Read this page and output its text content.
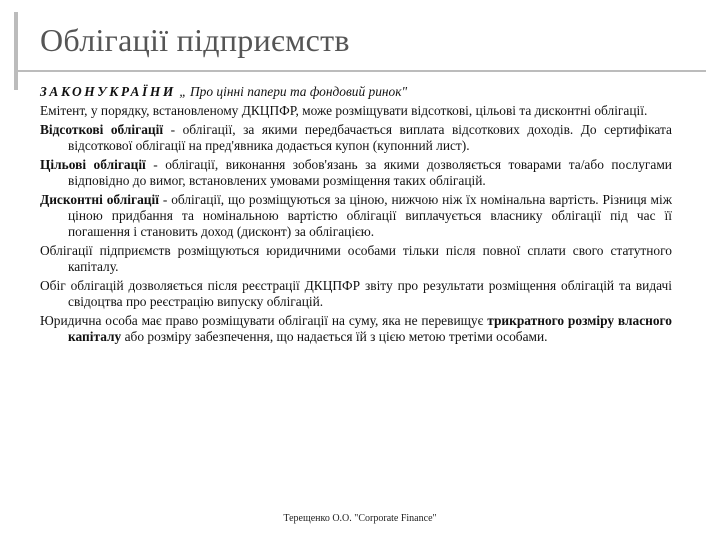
Облігації підприємств

ЗАКОНУКРАЇНИ „ Про цінні папери та фондовий ринок"

Емітент, у порядку, встановленому ДКЦПФР, може розміщувати відсоткові, цільові та дисконтні облігації.

Відсоткові облігації - облігації, за якими передбачається виплата відсоткових доходів. До сертифіката відсоткової облігації на пред'явника додається купон (купонний лист).

Цільові облігації - облігації, виконання зобов'язань за якими дозволяється товарами та/або послугами відповідно до вимог, встановлених умовами розміщення таких облігацій.

Дисконтні облігації - облігації, що розміщуються за ціною, нижчою ніж їх номінальна вартість. Різниця між ціною придбання та номінальною вартістю облігації виплачується власнику облігації під час її погашення і становить доход (дисконт) за облігацією.

Облігації підприємств розміщуються юридичними особами тільки після повної сплати свого статутного капіталу.

Обіг облігацій дозволяється після реєстрації ДКЦПФР звіту про результати розміщення облігацій та видачі свідоцтва про реєстрацію випуску облігацій.

Юридична особа має право розміщувати облігації на суму, яка не перевищує трикратного розміру власного капіталу або розміру забезпечення, що надається їй з цією метою третіми особами.

Терещенко О.О. "Corporate Finance"
